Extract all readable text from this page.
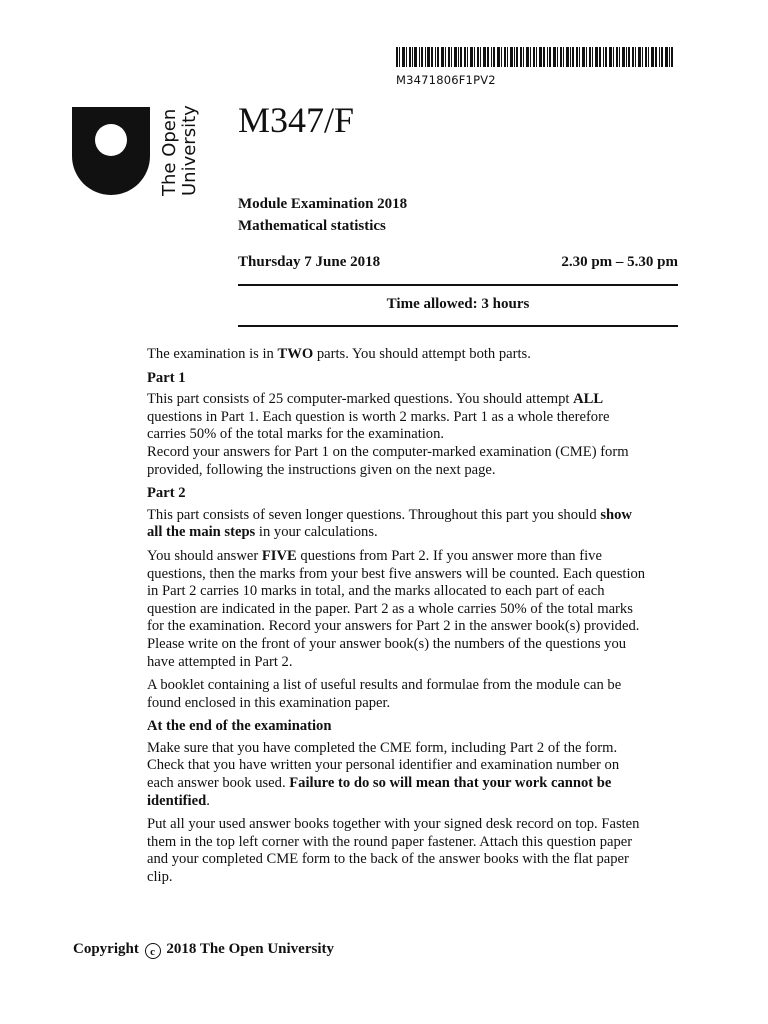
M3471806F1PV2
The Open University M347/F
Module Examination 2018
Mathematical statistics
Thursday 7 June 2018	2.30 pm – 5.30 pm
Time allowed: 3 hours

The examination is in TWO parts. You should attempt both parts.

Part 1

This part consists of 25 computer-marked questions. You should attempt ALL questions in Part 1. Each question is worth 2 marks. Part 1 as a whole therefore carries 50% of the total marks for the examination.

Record your answers for Part 1 on the computer-marked examination (CME) form provided, following the instructions given on the next page.

Part 2

This part consists of seven longer questions. Throughout this part you should show all the main steps in your calculations.

You should answer FIVE questions from Part 2. If you answer more than five questions, then the marks from your best five answers will be counted. Each question in Part 2 carries 10 marks in total, and the marks allocated to each part of each question are indicated in the paper. Part 2 as a whole carries 50% of the total marks for the examination. Record your answers for Part 2 in the answer book(s) provided. Please write on the front of your answer book(s) the numbers of the questions you have attempted in Part 2.

A booklet containing a list of useful results and formulae from the module can be found enclosed in this examination paper.

At the end of the examination

Make sure that you have completed the CME form, including Part 2 of the form. Check that you have written your personal identifier and examination number on each answer book used. Failure to do so will mean that your work cannot be identified.

Put all your used answer books together with your signed desk record on top. Fasten them in the top left corner with the round paper fastener. Attach this question paper and your completed CME form to the back of the answer books with the flat paper clip.

Copyright c 2018 The Open University
